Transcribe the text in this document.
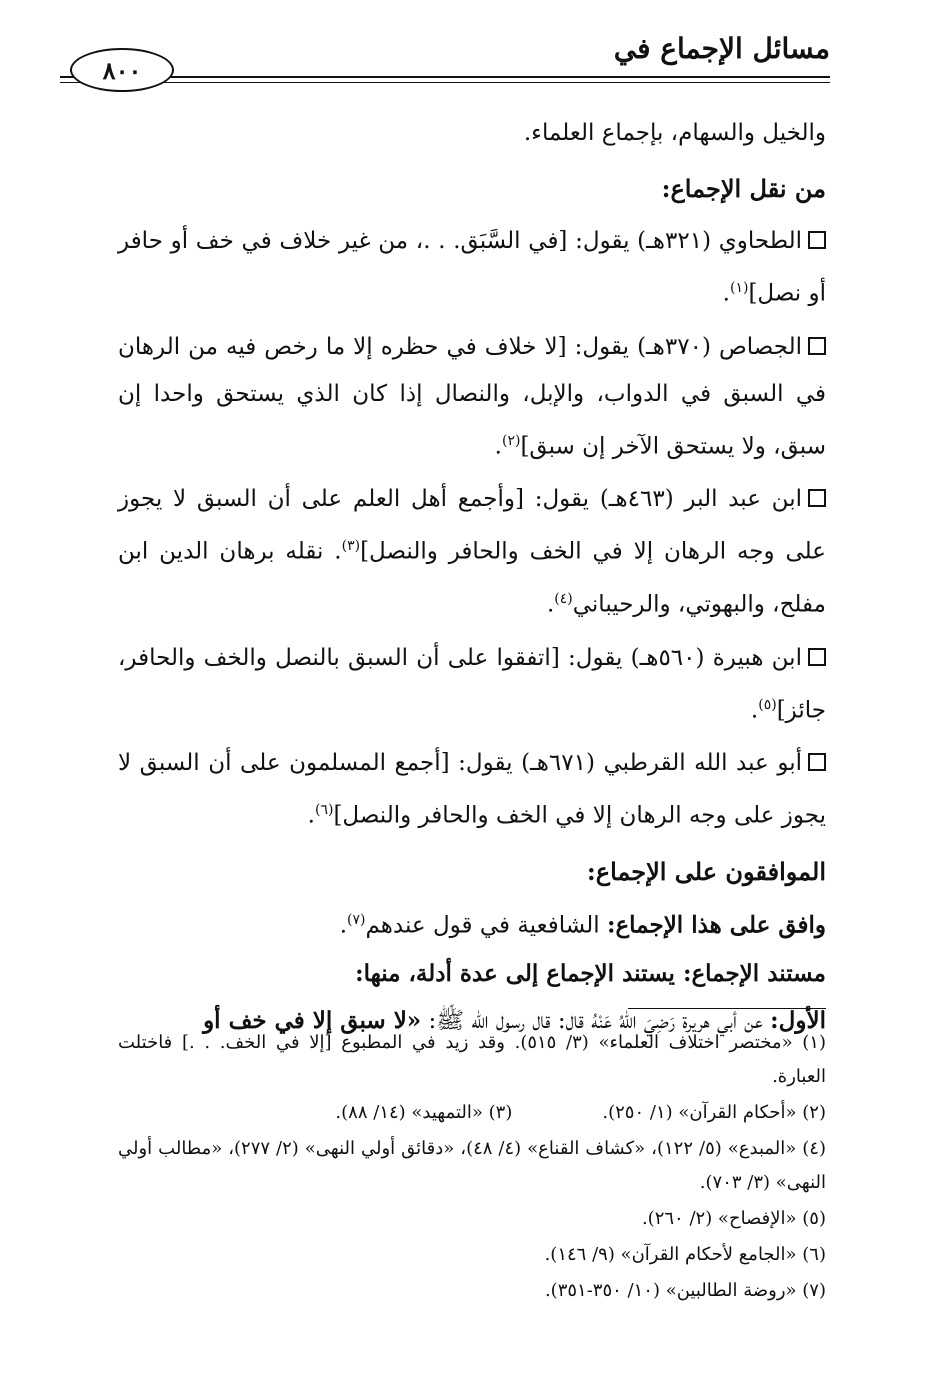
مسائل الإجماع في
٨٠٠

والخيل والسهام، بإجماع العلماء.

من نقل الإجماع:

الطحاوي (٣٢١هـ) يقول: [في السَّبَق. . .، من غير خلاف في خف أو حافر أو نصل]$^{(١)}$.

الجصاص (٣٧٠هـ) يقول: [لا خلاف في حظره إلا ما رخص فيه من الرهان في السبق في الدواب، والإبل، والنصال إذا كان الذي يستحق واحدا إن سبق، ولا يستحق الآخر إن سبق]$^{(٢)}$.

ابن عبد البر (٤٦٣هـ) يقول: [وأجمع أهل العلم على أن السبق لا يجوز على وجه الرهان إلا في الخف والحافر والنصل]$^{(٣)}$. نقله برهان الدين ابن مفلح، والبهوتي، والرحيباني$^{(٤)}$.

ابن هبيرة (٥٦٠هـ) يقول: [اتفقوا على أن السبق بالنصل والخف والحافر، جائز]$^{(٥)}$.

أبو عبد الله القرطبي (٦٧١هـ) يقول: [أجمع المسلمون على أن السبق لا يجوز على وجه الرهان إلا في الخف والحافر والنصل]$^{(٦)}$.

الموافقون على الإجماع:

وافق على هذا الإجماع: الشافعية في قول عندهم$^{(٧)}$.

مستند الإجماع: يستند الإجماع إلى عدة أدلة، منها:

الأول: عن أبي هريرة رَضِيَ اللهُ عَنْهُ قال: قال رسول الله ﷺ: «لا سبق إلا في خف أو

(١) «مختصر اختلاف العلماء» (٣/ ٥١٥). وقد زيد في المطبوع [إلا في الخف. . .] فاختلت العبارة.

(٢) «أحكام القرآن» (١/ ٢٥٠).
(٣) «التمهيد» (١٤/ ٨٨).

(٤) «المبدع» (٥/ ١٢٢)، «كشاف القناع» (٤/ ٤٨)، «دقائق أولي النهى» (٢/ ٢٧٧)، «مطالب أولي النهى» (٣/ ٧٠٣).

(٥) «الإفصاح» (٢/ ٢٦٠).

(٦) «الجامع لأحكام القرآن» (٩/ ١٤٦).

(٧) «روضة الطالبين» (١٠/ ٣٥٠-٣٥١).
